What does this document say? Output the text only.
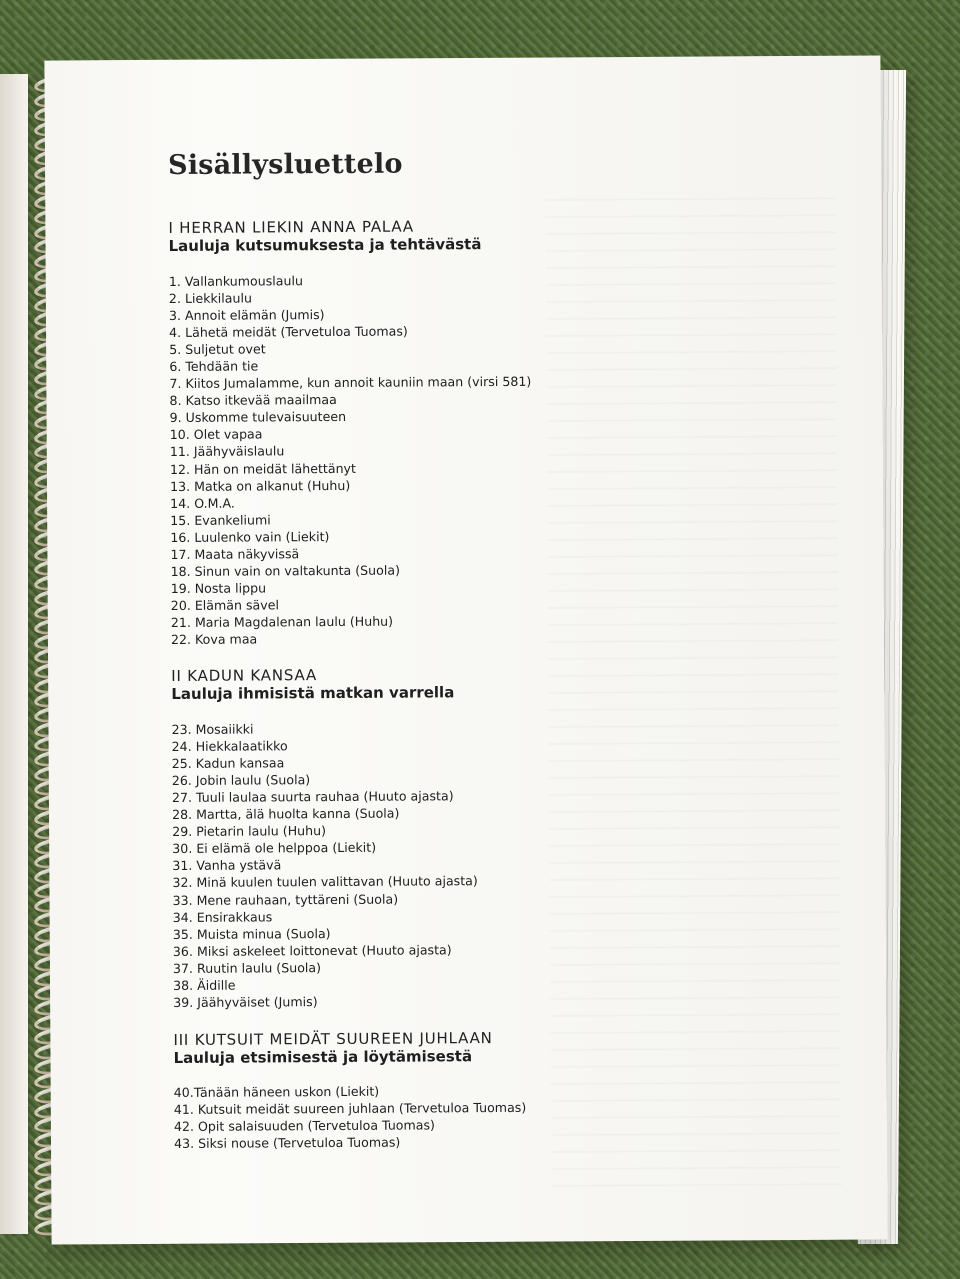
Sisällysluettelo
I HERRAN LIEKIN ANNA PALAA
Lauluja kutsumuksesta ja tehtävästä
1. Vallankumouslaulu
2. Liekkilaulu
3. Annoit elämän (Jumis)
4. Lähetä meidät (Tervetuloa Tuomas)
5. Suljetut ovet
6. Tehdään tie
7. Kiitos Jumalamme, kun annoit kauniin maan (virsi 581)
8. Katso itkevää maailmaa
9. Uskomme tulevaisuuteen
10. Olet vapaa
11. Jäähyväislaulu
12. Hän on meidät lähettänyt
13. Matka on alkanut (Huhu)
14. O.M.A.
15. Evankeliumi
16. Luulenko vain (Liekit)
17. Maata näkyvissä
18. Sinun vain on valtakunta (Suola)
19. Nosta lippu
20. Elämän sävel
21. Maria Magdalenan laulu (Huhu)
22. Kova maa
II KADUN KANSAA
Lauluja ihmisistä matkan varrella
23. Mosaiikki
24. Hiekkalaatikko
25. Kadun kansaa
26. Jobin laulu (Suola)
27. Tuuli laulaa suurta rauhaa (Huuto ajasta)
28. Martta, älä huolta kanna (Suola)
29. Pietarin laulu (Huhu)
30. Ei elämä ole helppoa (Liekit)
31. Vanha ystävä
32. Minä kuulen tuulen valittavan (Huuto ajasta)
33. Mene rauhaan, tyttäreni (Suola)
34. Ensirakkaus
35. Muista minua (Suola)
36. Miksi askeleet loittonevat (Huuto ajasta)
37. Ruutin laulu (Suola)
38. Äidille
39. Jäähyväiset (Jumis)
III KUTSUIT MEIDÄT SUUREEN JUHLAAN
Lauluja etsimisestä ja löytämisestä
40.Tänään häneen uskon (Liekit)
41. Kutsuit meidät suureen juhlaan (Tervetuloa Tuomas)
42. Opit salaisuuden (Tervetuloa Tuomas)
43. Siksi nouse (Tervetuloa Tuomas)
